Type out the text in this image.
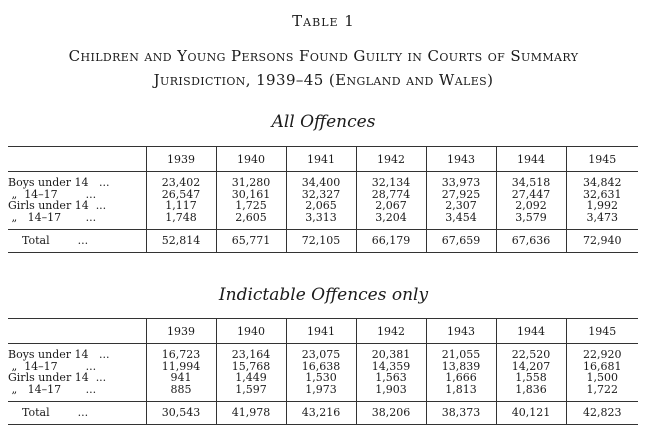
Table 1
Children and Young Persons Found Guilty in Courts of Summary
Jurisdiction, 1939–45 (England and Wales)
All Offences
	1939	1940	1941	1942	1943	1944	1945
Boys under 14   ...	23,402	31,280	34,400	32,134	33,973	34,518	34,842
„  14–17        ...	26,547	30,161	32,327	28,774	27,925	27,447	32,631
Girls under 14  ...	1,117	1,725	2,065	2,067	2,307	2,092	1,992
„   14–17       ...	1,748	2,605	3,313	3,204	3,454	3,579	3,473
Total        ...	52,814	65,771	72,105	66,179	67,659	67,636	72,940
Indictable Offences only
	1939	1940	1941	1942	1943	1944	1945
Boys under 14   ...	16,723	23,164	23,075	20,381	21,055	22,520	22,920
„  14–17        ...	11,994	15,768	16,638	14,359	13,839	14,207	16,681
Girls under 14  ...	941	1,449	1,530	1,563	1,666	1,558	1,500
„   14–17       ...	885	1,597	1,973	1,903	1,813	1,836	1,722
Total        ...	30,543	41,978	43,216	38,206	38,373	40,121	42,823
